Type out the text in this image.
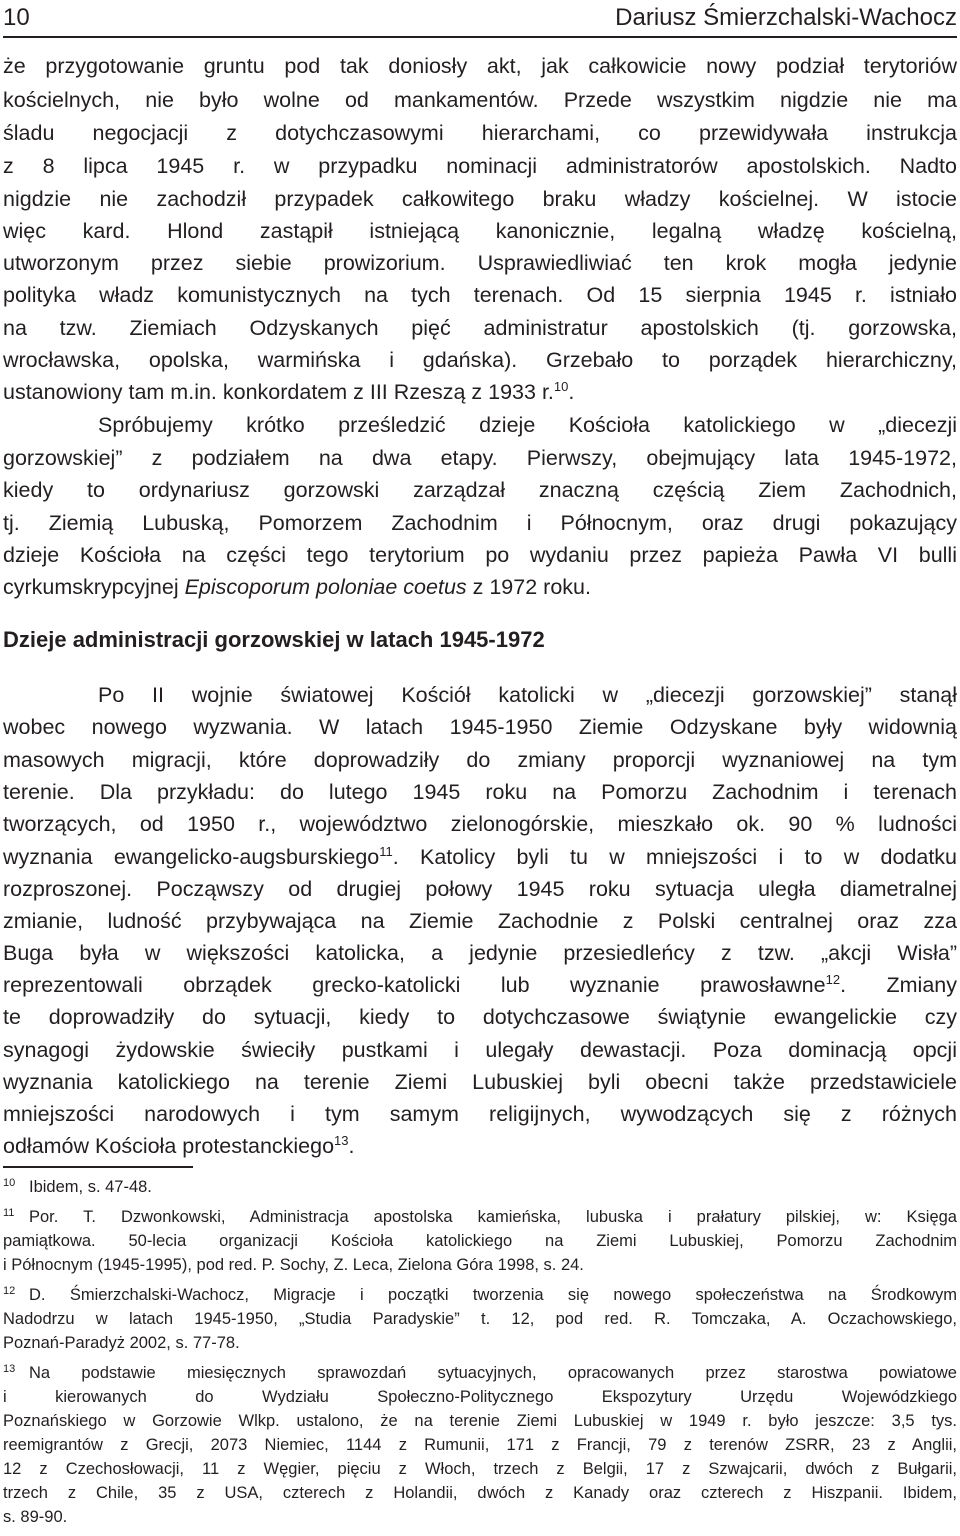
10	Dariusz Śmierzchalski-Wachocz
że przygotowanie gruntu pod tak doniosły akt, jak całkowicie nowy podział terytoriów
kościelnych, nie było wolne od mankamentów. Przede wszystkim nigdzie nie ma
śladu negocjacji z dotychczasowymi hierarchami, co przewidywała instrukcja
z 8 lipca 1945 r. w przypadku nominacji administratorów apostolskich. Nadto
nigdzie nie zachodził przypadek całkowitego braku władzy kościelnej. W istocie
więc kard. Hlond zastąpił istniejącą kanonicznie, legalną władzę kościelną,
utworzonym przez siebie prowizorium. Usprawiedliwiać ten krok mogła jedynie
polityka władz komunistycznych na tych terenach. Od 15 sierpnia 1945 r. istniało
na tzw. Ziemiach Odzyskanych pięć administratur apostolskich (tj. gorzowska,
wrocławska, opolska, warmińska i gdańska). Grzebało to porządek hierarchiczny,
ustanowiony tam m.in. konkordatem z III Rzeszą z 1933 r.$^{10}$.
Spróbujemy krótko prześledzić dzieje Kościoła katolickiego w „diecezji
gorzowskiej” z podziałem na dwa etapy. Pierwszy, obejmujący lata 1945-1972,
kiedy to ordynariusz gorzowski zarządzał znaczną częścią Ziem Zachodnich,
tj. Ziemią Lubuską, Pomorzem Zachodnim i Północnym, oraz drugi pokazujący
dzieje Kościoła na części tego terytorium po wydaniu przez papieża Pawła VI bulli
cyrkumskrypcyjnej Episcoporum poloniae coetus z 1972 roku.
Dzieje administracji gorzowskiej w latach 1945-1972
Po II wojnie światowej Kościół katolicki w „diecezji gorzowskiej” stanął
wobec nowego wyzwania. W latach 1945-1950 Ziemie Odzyskane były widownią
masowych migracji, które doprowadziły do zmiany proporcji wyznaniowej na tym
terenie. Dla przykładu: do lutego 1945 roku na Pomorzu Zachodnim i terenach
tworzących, od 1950 r., województwo zielonogórskie, mieszkało ok. 90 % ludności
wyznania ewangelicko-augsburskiego$^{11}$. Katolicy byli tu w mniejszości i to w dodatku
rozproszonej. Począwszy od drugiej połowy 1945 roku sytuacja uległa diametralnej
zmianie, ludność przybywająca na Ziemie Zachodnie z Polski centralnej oraz zza
Buga była w większości katolicka, a jedynie przesiedleńcy z tzw. „akcji Wisła”
reprezentowali obrządek grecko-katolicki lub wyznanie prawosławne$^{12}$. Zmiany
te doprowadziły do sytuacji, kiedy to dotychczasowe świątynie ewangelickie czy
synagogi żydowskie świeciły pustkami i ulegały dewastacji. Poza dominacją opcji
wyznania katolickiego na terenie Ziemi Lubuskiej byli obecni także przedstawiciele
mniejszości narodowych i tym samym religijnych, wywodzących się z różnych
odłamów Kościoła protestanckiego$^{13}$.
10 Ibidem, s. 47-48.
11 Por. T. Dzwonkowski, Administracja apostolska kamieńska, lubuska i prałatury pilskiej, w: Księga
pamiątkowa. 50-lecia organizacji Kościoła katolickiego na Ziemi Lubuskiej, Pomorzu Zachodnim
i Północnym (1945-1995), pod red. P. Sochy, Z. Leca, Zielona Góra 1998, s. 24.
12 D. Śmierzchalski-Wachocz, Migracje i początki tworzenia się nowego społeczeństwa na Środkowym
Nadodrzu w latach 1945-1950, „Studia Paradyskie” t. 12, pod red. R. Tomczaka, A. Oczachowskiego,
Poznań-Paradyż 2002, s. 77-78.
13 Na podstawie miesięcznych sprawozdań sytuacyjnych, opracowanych przez starostwa powiatowe
i kierowanych do Wydziału Społeczno-Politycznego Ekspozytury Urzędu Wojewódzkiego
Poznańskiego w Gorzowie Wlkp. ustalono, że na terenie Ziemi Lubuskiej w 1949 r. było jeszcze: 3,5 tys.
reemigrantów z Grecji, 2073 Niemiec, 1144 z Rumunii, 171 z Francji, 79 z terenów ZSRR, 23 z Anglii,
12 z Czechosłowacji, 11 z Węgier, pięciu z Włoch, trzech z Belgii, 17 z Szwajcarii, dwóch z Bułgarii,
trzech z Chile, 35 z USA, czterech z Holandii, dwóch z Kanady oraz czterech z Hiszpanii. Ibidem,
s. 89-90.
